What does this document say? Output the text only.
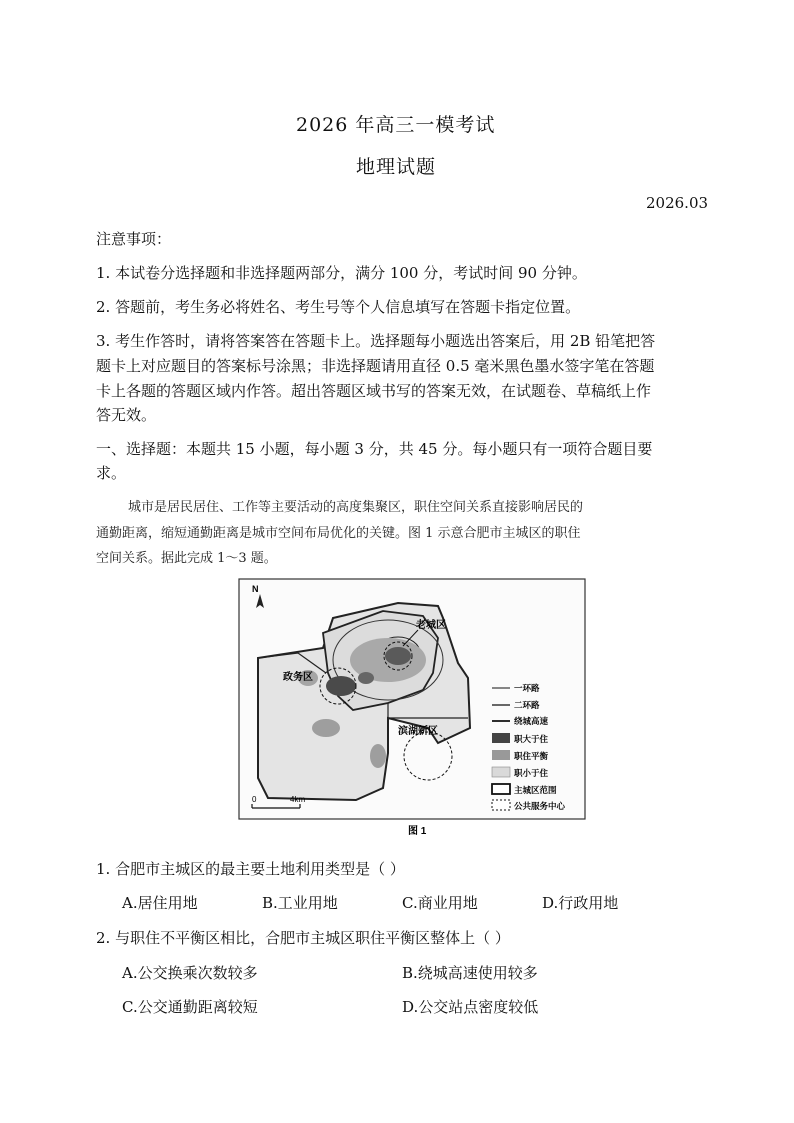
2026 年高三一模考试
地理试题
2026.03
注意事项：
1. 本试卷分选择题和非选择题两部分，满分 100 分，考试时间 90 分钟。
2. 答题前，考生务必将姓名、考生号等个人信息填写在答题卡指定位置。
3. 考生作答时，请将答案答在答题卡上。选择题每小题选出答案后，用 2B 铅笔把答
题卡上对应题目的答案标号涂黑；非选择题请用直径 0.5 毫米黑色墨水签字笔在答题
卡上各题的答题区域内作答。超出答题区域书写的答案无效，在试题卷、草稿纸上作
答无效。
一、选择题：本题共 15 小题，每小题 3 分，共 45 分。每小题只有一项符合题目要
求。
城市是居民居住、工作等主要活动的高度集聚区，职住空间关系直接影响居民的
通勤距离，缩短通勤距离是城市空间布局优化的关键。图 1 示意合肥市主城区的职住
空间关系。据此完成 1～3 题。
N
老城区
政务区
滨湖新区
0	4km
一环路
二环路
绕城高速
职大于住
职住平衡
职小于住
主城区范围
公共服务中心
图 1
1. 合肥市主城区的最主要土地利用类型是（ ）
A.居住用地	B.工业用地	C.商业用地	D.行政用地
2. 与职住不平衡区相比，合肥市主城区职住平衡区整体上（ ）
A.公交换乘次数较多	B.绕城高速使用较多
C.公交通勤距离较短	D.公交站点密度较低
